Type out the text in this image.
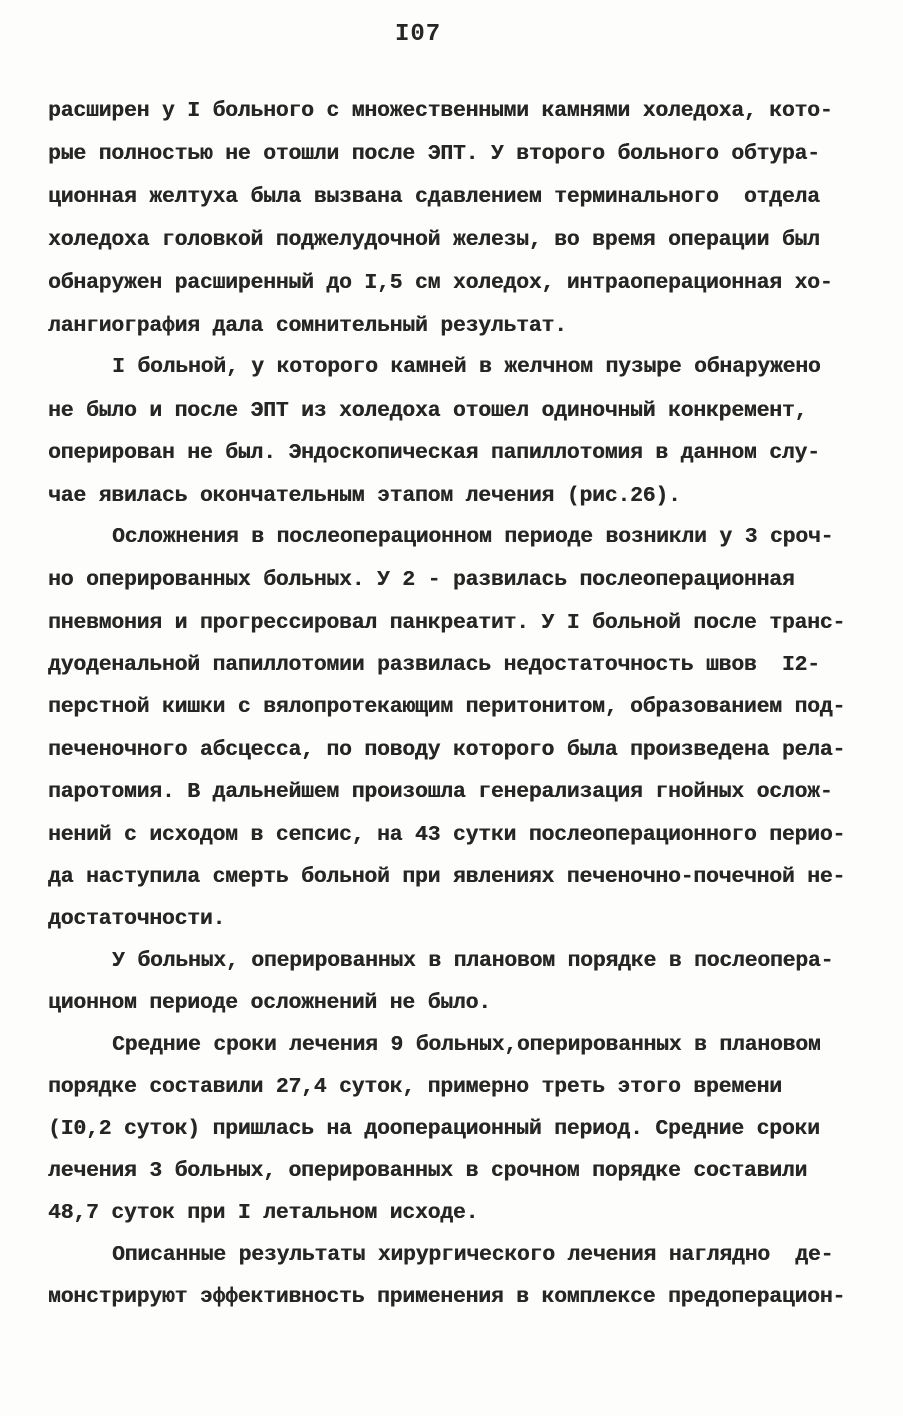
I07
расширен у I больного с множественными камнями холедоха, кото-
рые полностью не отошли после ЭПТ. У второго больного обтура-
ционная желтуха была вызвана сдавлением терминального  отдела
холедоха головкой поджелудочной железы, во время операции был
обнаружен расширенный до I,5 см холедох, интраоперационная хо-
лангиография дала сомнительный результат.
I больной, у которого камней в желчном пузыре обнаружено
не было и после ЭПТ из холедоха отошел одиночный конкремент,
оперирован не был. Эндоскопическая папиллотомия в данном слу-
чае явилась окончательным этапом лечения (рис.26).
Осложнения в послеоперационном периоде возникли у 3 сроч-
но оперированных больных. У 2 - развилась послеоперационная
пневмония и прогрессировал панкреатит. У I больной после транс-
дуоденальной папиллотомии развилась недостаточность швов  I2-
перстной кишки с вялопротекающим перитонитом, образованием под-
печеночного абсцесса, по поводу которого была произведена рела-
паротомия. В дальнейшем произошла генерализация гнойных ослож-
нений с исходом в сепсис, на 43 сутки послеоперационного перио-
да наступила смерть больной при явлениях печеночно-почечной не-
достаточности.
У больных, оперированных в плановом порядке в послеопера-
ционном периоде осложнений не было.
Средние сроки лечения 9 больных,оперированных в плановом
порядке составили 27,4 суток, примерно треть этого времени
(I0,2 суток) пришлась на дооперационный период. Средние сроки
лечения 3 больных, оперированных в срочном порядке составили
48,7 суток при I летальном исходе.
Описанные результаты хирургического лечения наглядно  де-
монстрируют эффективность применения в комплексе предоперацион-
